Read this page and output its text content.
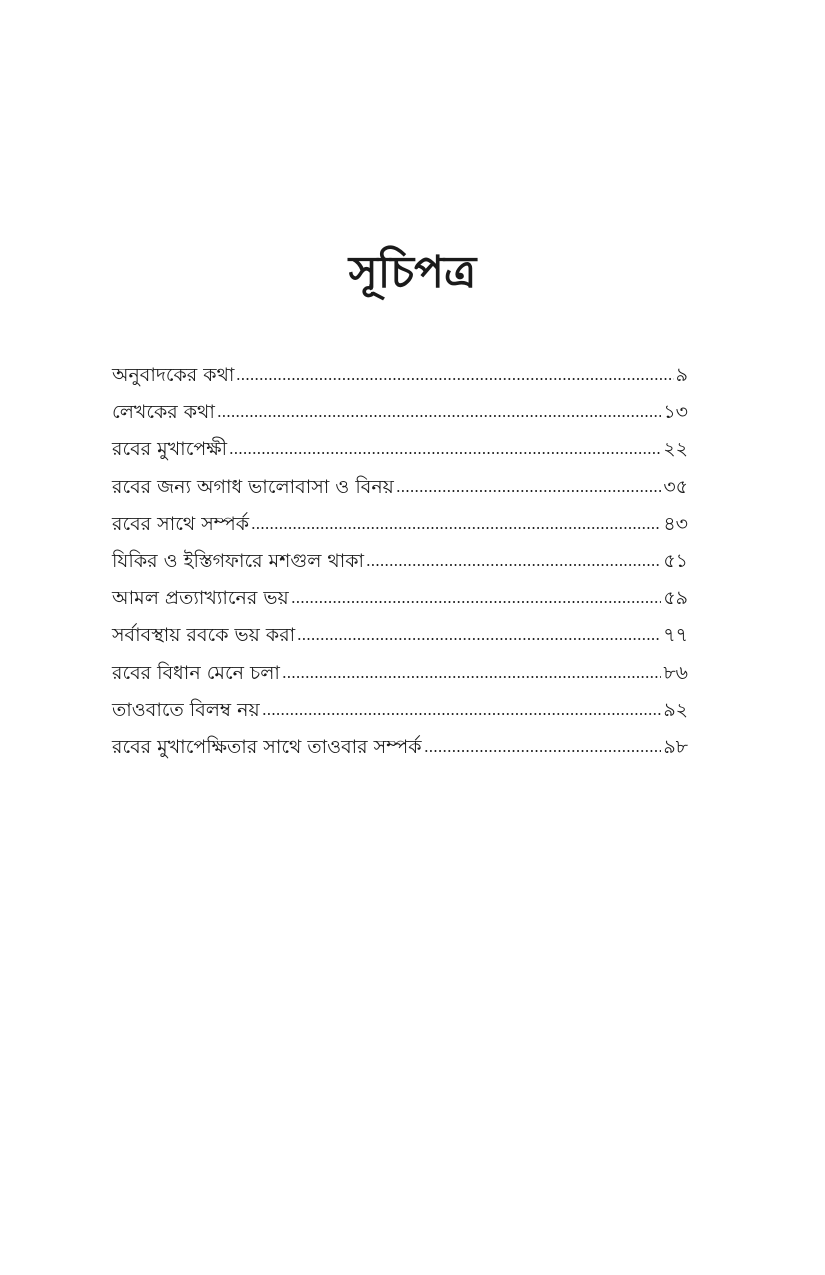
সূচিপত্র
অনুবাদকের কথা	৯
লেখকের কথা	১৩
রবের মুখাপেক্ষী	২২
রবের জন্য অগাধ ভালোবাসা ও বিনয়	৩৫
রবের সাথে সম্পর্ক	৪৩
যিকির ও ইস্তিগফারে মশগুল থাকা	৫১
আমল প্রত্যাখ্যানের ভয়	৫৯
সর্বাবস্থায় রবকে ভয় করা	৭৭
রবের বিধান মেনে চলা	৮৬
তাওবাতে বিলম্ব নয়	৯২
রবের মুখাপেক্ষিতার সাথে তাওবার সম্পর্ক	৯৮
